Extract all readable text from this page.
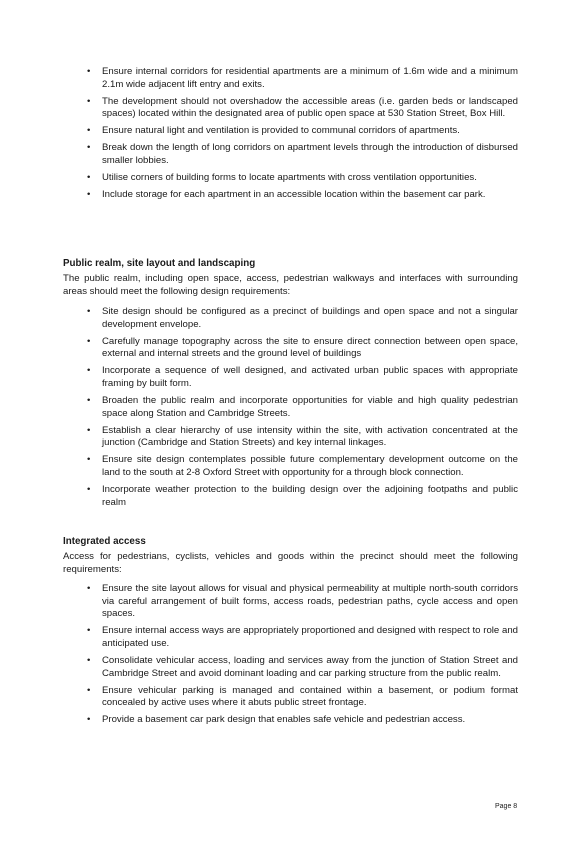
• Ensure internal corridors for residential apartments are a minimum of 1.6m wide and a minimum 2.1m wide adjacent lift entry and exits.
• The development should not overshadow the accessible areas (i.e. garden beds or landscaped spaces) located within the designated area of public open space at 530 Station Street, Box Hill.
• Ensure natural light and ventilation is provided to communal corridors of apartments.
• Break down the length of long corridors on apartment levels through the introduction of disbursed smaller lobbies.
• Utilise corners of building forms to locate apartments with cross ventilation opportunities.
• Include storage for each apartment in an accessible location within the basement car park.
Public realm, site layout and landscaping
The public realm, including open space, access, pedestrian walkways and interfaces with surrounding areas should meet the following design requirements:
• Site design should be configured as a precinct of buildings and open space and not a singular development envelope.
• Carefully manage topography across the site to ensure direct connection between open space, external and internal streets and the ground level of buildings
• Incorporate a sequence of well designed, and activated urban public spaces with appropriate framing by built form.
• Broaden the public realm and incorporate opportunities for viable and high quality pedestrian space along Station and Cambridge Streets.
• Establish a clear hierarchy of use intensity within the site, with activation concentrated at the junction (Cambridge and Station Streets) and key internal linkages.
• Ensure site design contemplates possible future complementary development outcome on the land to the south at 2-8 Oxford Street with opportunity for a through block connection.
• Incorporate weather protection to the building design over the adjoining footpaths and public realm
Integrated access
Access for pedestrians, cyclists, vehicles and goods within the precinct should meet the following requirements:
• Ensure the site layout allows for visual and physical permeability at multiple north-south corridors via careful arrangement of built forms, access roads, pedestrian paths, cycle access and open spaces.
• Ensure internal access ways are appropriately proportioned and designed with respect to role and anticipated use.
• Consolidate vehicular access, loading and services away from the junction of Station Street and Cambridge Street and avoid dominant loading and car parking structure from the public realm.
• Ensure vehicular parking is managed and contained within a basement, or podium format concealed by active uses where it abuts public street frontage.
• Provide a basement car park design that enables safe vehicle and pedestrian access.
Page 8
